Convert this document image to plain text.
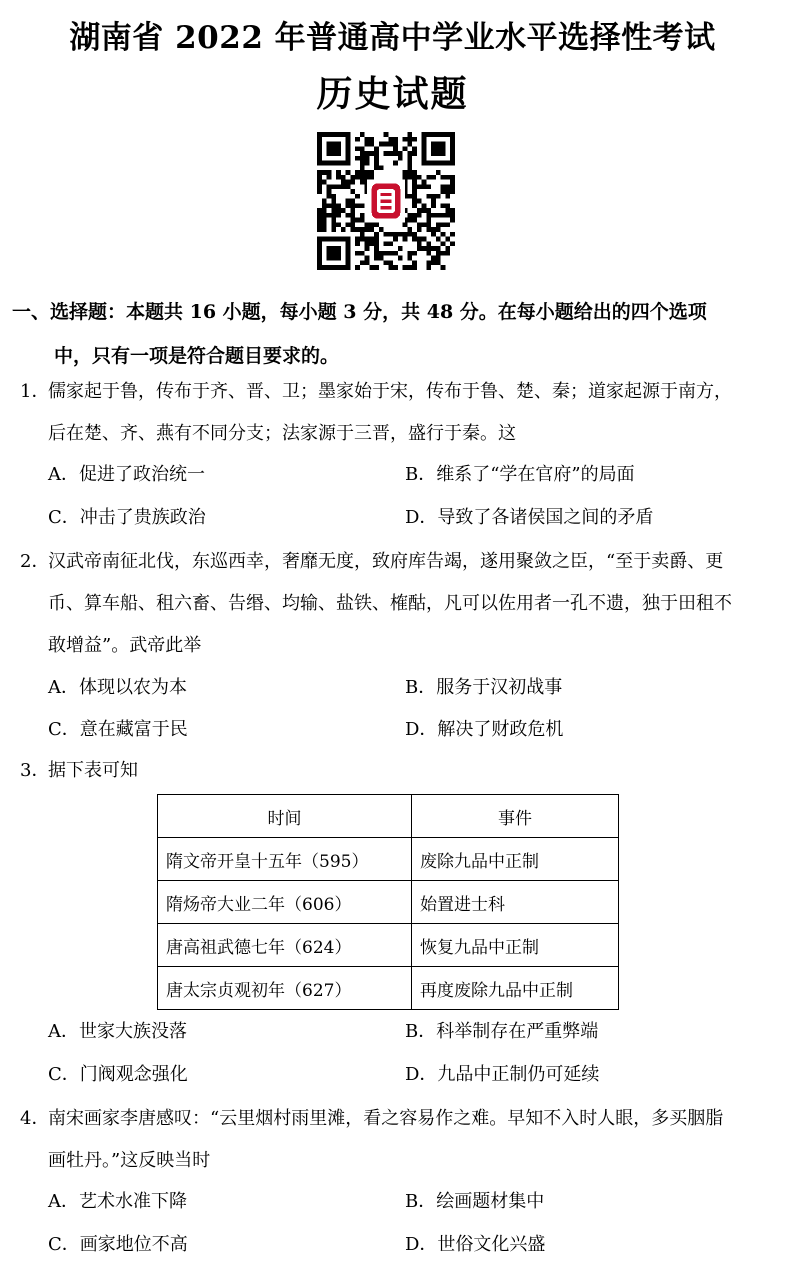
湖南省 2022 年普通高中学业水平选择性考试
历史试题
一、选择题：本题共 16 小题，每小题 3 分，共 48 分。在每小题给出的四个选项
中，只有一项是符合题目要求的。
1．儒家起于鲁，传布于齐、晋、卫；墨家始于宋，传布于鲁、楚、秦；道家起源于南方，
后在楚、齐、燕有不同分支；法家源于三晋，盛行于秦。这
A．促进了政治统一	B．维系了“学在官府”的局面
C．冲击了贵族政治	D．导致了各诸侯国之间的矛盾
2．汉武帝南征北伐，东巡西幸，奢靡无度，致府库告竭，遂用聚敛之臣，“至于卖爵、更
币、算车船、租六畜、告缗、均输、盐铁、榷酤，凡可以佐用者一孔不遗，独于田租不
敢增益”。武帝此举
A．体现以农为本	B．服务于汉初战事
C．意在藏富于民	D．解决了财政危机
3．据下表可知
时间	事件
隋文帝开皇十五年（595）	废除九品中正制
隋炀帝大业二年（606）	始置进士科
唐高祖武德七年（624）	恢复九品中正制
唐太宗贞观初年（627）	再度废除九品中正制
A．世家大族没落	B．科举制存在严重弊端
C．门阀观念强化	D．九品中正制仍可延续
4．南宋画家李唐感叹：“云里烟村雨里滩，看之容易作之难。早知不入时人眼，多买胭脂
画牡丹。”这反映当时
A．艺术水准下降	B．绘画题材集中
C．画家地位不高	D．世俗文化兴盛
